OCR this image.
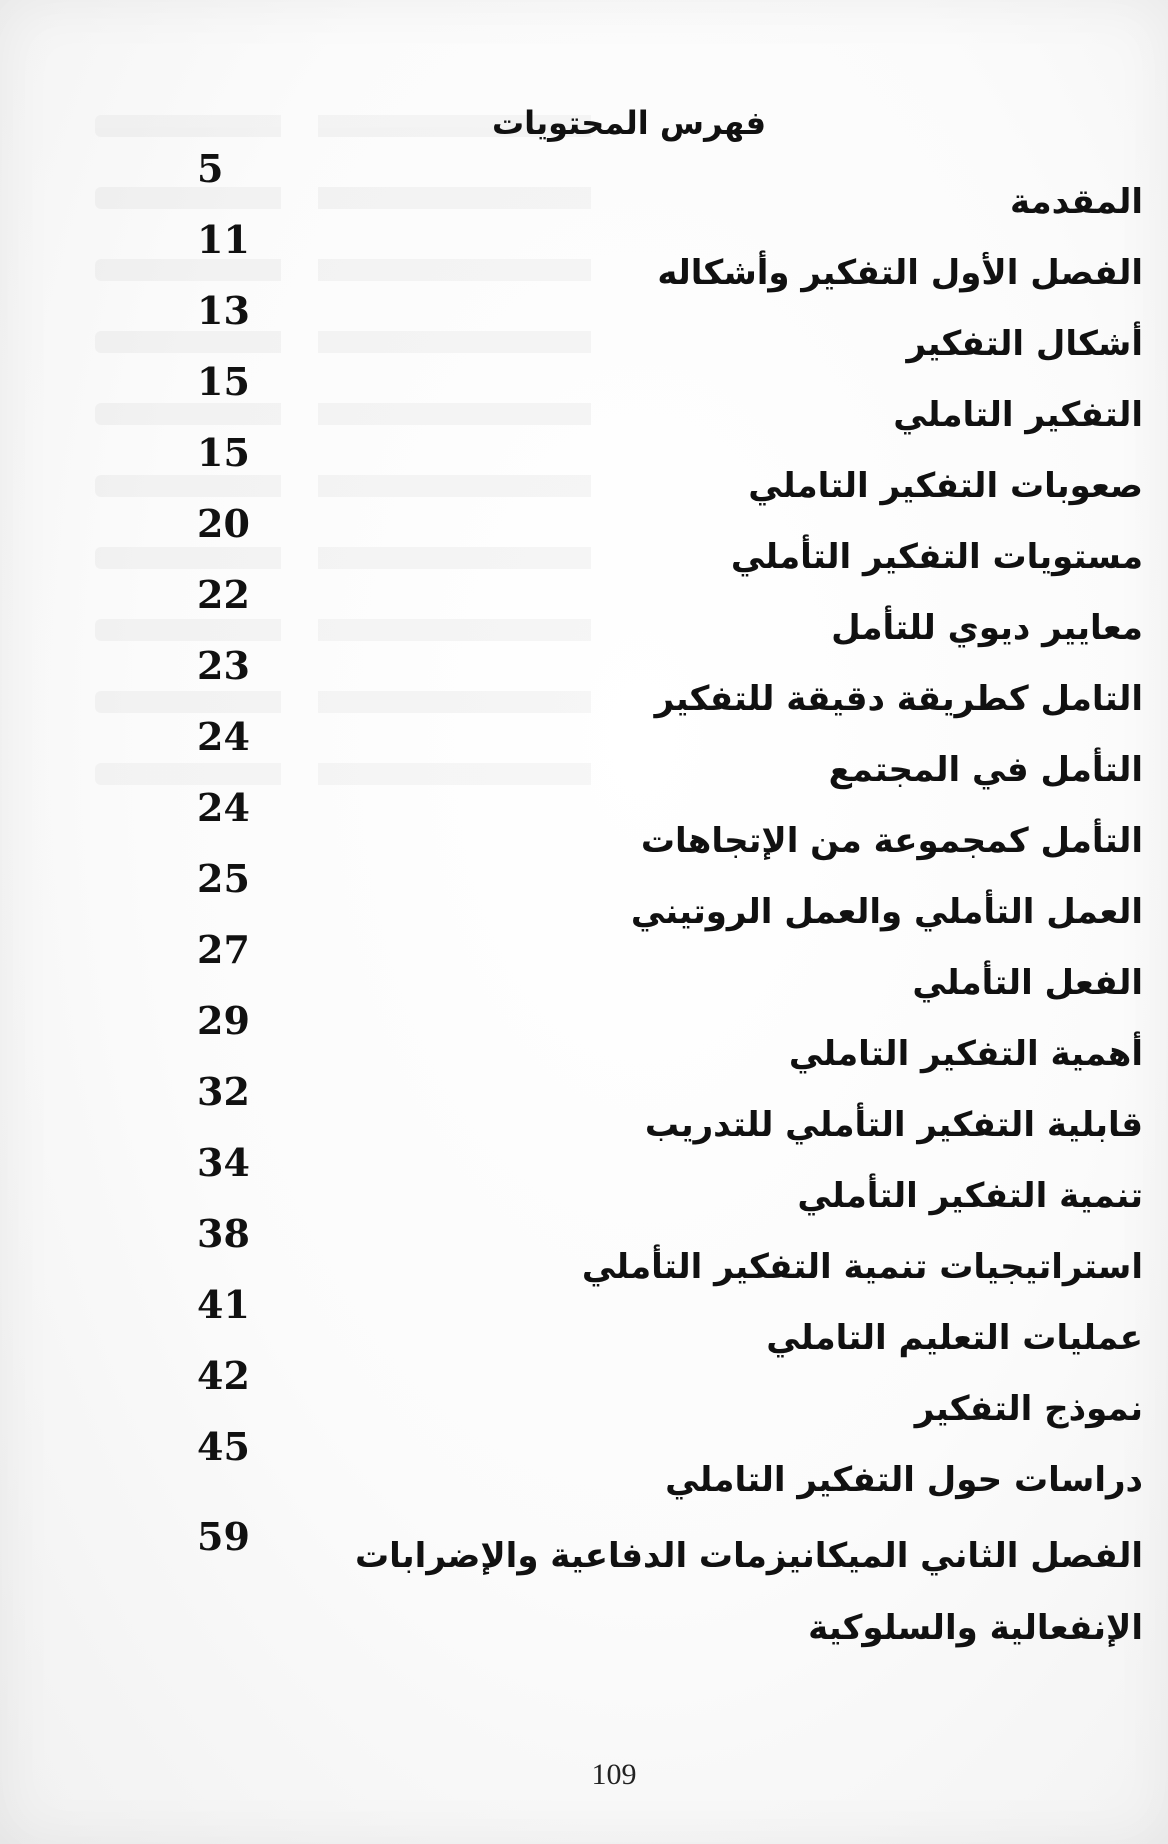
فهرس المحتويات
المقدمة
5
الفصل الأول التفكير وأشكاله
11
أشكال التفكير
13
التفكير التاملي
15
صعوبات التفكير التاملي
15
مستويات التفكير التأملي
20
معايير ديوي للتأمل
22
التامل كطريقة دقيقة للتفكير
23
التأمل في المجتمع
24
التأمل كمجموعة من الإتجاهات
24
العمل التأملي والعمل الروتيني
25
الفعل التأملي
27
أهمية التفكير التاملي
29
قابلية التفكير التأملي للتدريب
32
تنمية التفكير التأملي
34
استراتيجيات تنمية التفكير التأملي
38
عمليات التعليم التاملي
41
نموذج التفكير
42
دراسات حول التفكير التاملي
45
الفصل الثاني الميكانيزمات الدفاعية والإضرابات الإنفعالية والسلوكية
59
109
